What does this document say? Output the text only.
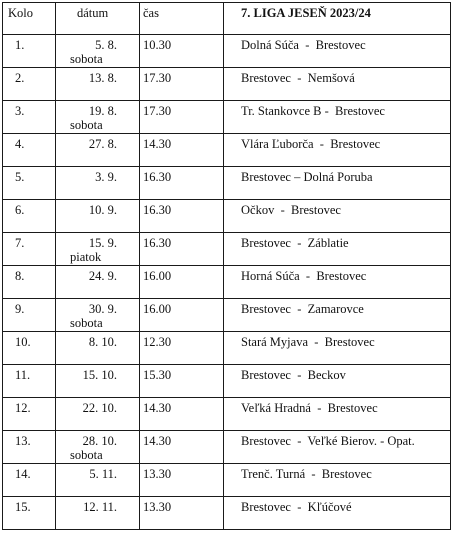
Kolo	dátum	čas	7. LIGA JESEŇ 2023/24

1.	5. 8.
sobota	10.30	Dolná Súča  -  Brestovec

2.	13. 8.	17.30	Brestovec  -  Nemšová

3.	19. 8.
sobota	17.30	Tr. Stankovce B -  Brestovec

4.	27. 8.	14.30	Vlára Ľuborča  -  Brestovec

5.	3. 9.	16.30	Brestovec – Dolná Poruba

6.	10. 9.	16.30	Očkov  -  Brestovec

7.	15. 9.
piatok	16.30	Brestovec  -  Záblatie

8.	24. 9.	16.00	Horná Súča  -  Brestovec

9.	30. 9.
sobota	16.00	Brestovec  -  Zamarovce

10.	8. 10.	12.30	Stará Myjava  -  Brestovec

11.	15. 10.	15.30	Brestovec  -  Beckov

12.	22. 10.	14.30	Veľká Hradná  -  Brestovec

13.	28. 10.
sobota	14.30	Brestovec  -  Veľké Bierov. - Opat.

14.	5. 11.	13.30	Trenč. Turná  -  Brestovec

15.	12. 11.	13.30	Brestovec  -  Kľúčové
